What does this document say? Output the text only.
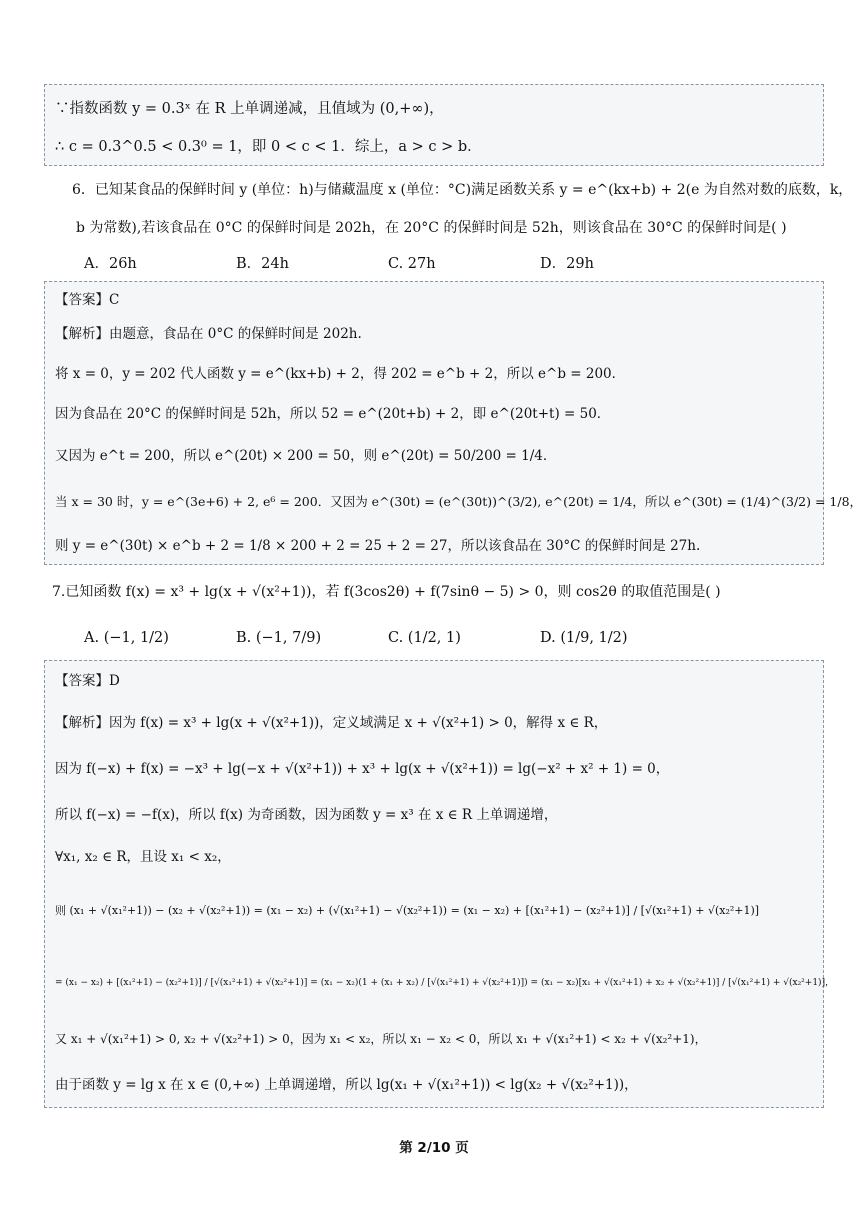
∵指数函数 y = 0.3ˣ 在 R 上单调递减，且值域为 (0,+∞)，
∴ c = 0.3^0.5 < 0.3⁰ = 1，即 0 < c < 1．综上，a > c > b．
6．已知某食品的保鲜时间 y (单位：h)与储藏温度 x (单位：°C)满足函数关系 y = e^(kx+b) + 2(e 为自然对数的底数，k，
b 为常数),若该食品在 0°C 的保鲜时间是 202h，在 20°C 的保鲜时间是 52h，则该食品在 30°C 的保鲜时间是( )
A．26h	B．24h	C. 27h	D．29h
【答案】C
【解析】由题意，食品在 0°C 的保鲜时间是 202h.
将 x = 0，y = 202 代人函数 y = e^(kx+b) + 2，得 202 = e^b + 2，所以 e^b = 200．
因为食品在 20°C 的保鲜时间是 52h，所以 52 = e^(20t+b) + 2，即 e^(20t+t) = 50．
又因为 e^t = 200，所以 e^(20t) × 200 = 50，则 e^(20t) = 50/200 = 1/4．
当 x = 30 时，y = e^(3e+6) + 2, e⁶ = 200．又因为 e^(30t) = (e^(30t))^(3/2), e^(20t) = 1/4，所以 e^(30t) = (1/4)^(3/2) = 1/8，
则 y = e^(30t) × e^b + 2 = 1/8 × 200 + 2 = 25 + 2 = 27，所以该食品在 30°C 的保鲜时间是 27h.
7.已知函数 f(x) = x³ + lg(x + √(x²+1))，若 f(3cos2θ) + f(7sinθ − 5) > 0，则 cos2θ 的取值范围是( )
A. (−1, 1/2)	B. (−1, 7/9)	C. (1/2, 1)	D. (1/9, 1/2)
【答案】D
【解析】因为 f(x) = x³ + lg(x + √(x²+1))，定义域满足 x + √(x²+1) > 0，解得 x ∈ R，
因为 f(−x) + f(x) = −x³ + lg(−x + √(x²+1)) + x³ + lg(x + √(x²+1)) = lg(−x² + x² + 1) = 0，
所以 f(−x) = −f(x)，所以 f(x) 为奇函数，因为函数 y = x³ 在 x ∈ R 上单调递增，
∀x₁, x₂ ∈ R，且设 x₁ < x₂，
则 (x₁ + √(x₁²+1)) − (x₂ + √(x₂²+1)) = (x₁ − x₂) + (√(x₁²+1) − √(x₂²+1)) = (x₁ − x₂) + [(x₁²+1) − (x₂²+1)] / [√(x₁²+1) + √(x₂²+1)]
= (x₁ − x₂) + [(x₁²+1) − (x₂²+1)] / [√(x₁²+1) + √(x₂²+1)] = (x₁ − x₂)(1 + (x₁ + x₂) / [√(x₁²+1) + √(x₂²+1)]) = (x₁ − x₂)[x₁ + √(x₁²+1) + x₂ + √(x₂²+1)] / [√(x₁²+1) + √(x₂²+1)]，
又 x₁ + √(x₁²+1) > 0, x₂ + √(x₂²+1) > 0，因为 x₁ < x₂，所以 x₁ − x₂ < 0，所以 x₁ + √(x₁²+1) < x₂ + √(x₂²+1)，
由于函数 y = lg x 在 x ∈ (0,+∞) 上单调递增，所以 lg(x₁ + √(x₁²+1)) < lg(x₂ + √(x₂²+1))，
第 2/10 页
